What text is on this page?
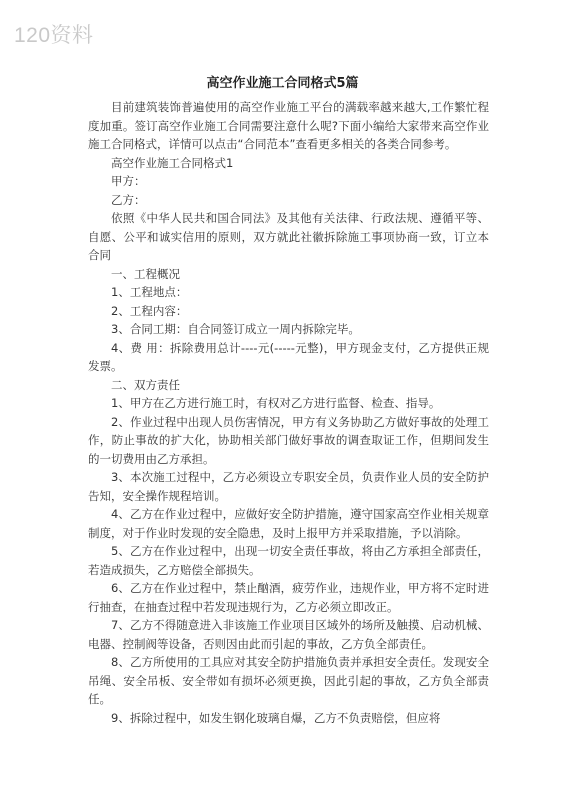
120资料
高空作业施工合同格式5篇

目前建筑装饰普遍使用的高空作业施工平台的满载率越来越大,工作繁忙程度加重。签订高空作业施工合同需要注意什么呢?下面小编给大家带来高空作业施工合同格式，详情可以点击“合同范本”查看更多相关的各类合同参考。

高空作业施工合同格式1

甲方：

乙方：

依照《中华人民共和国合同法》及其他有关法律、行政法规、遵循平等、自愿、公平和诚实信用的原则，双方就此社徽拆除施工事项协商一致，订立本合同

一、工程概况

1、工程地点：

2、工程内容：

3、合同工期：自合同签订成立一周内拆除完毕。

4、费 用：拆除费用总计----元(-----元整)，甲方现金支付，乙方提供正规发票。

二、双方责任

1、甲方在乙方进行施工时，有权对乙方进行监督、检查、指导。

2、作业过程中出现人员伤害情况，甲方有义务协助乙方做好事故的处理工作，防止事故的扩大化，协助相关部门做好事故的调查取证工作，但期间发生的一切费用由乙方承担。

3、本次施工过程中，乙方必须设立专职安全员，负责作业人员的安全防护告知，安全操作规程培训。

4、乙方在作业过程中，应做好安全防护措施，遵守国家高空作业相关规章制度，对于作业时发现的安全隐患，及时上报甲方并采取措施，予以消除。

5、乙方在作业过程中，出现一切安全责任事故，将由乙方承担全部责任，若造成损失，乙方赔偿全部损失。

6、乙方在作业过程中，禁止酗酒，疲劳作业，违规作业，甲方将不定时进行抽查，在抽查过程中若发现违规行为，乙方必须立即改正。

7、乙方不得随意进入非该施工作业项目区域外的场所及触摸、启动机械、电器、控制阀等设备，否则因由此而引起的事故，乙方负全部责任。

8、乙方所使用的工具应对其安全防护措施负责并承担安全责任。发现安全吊绳、安全吊板、安全带如有损坏必须更换，因此引起的事故，乙方负全部责任。

9、拆除过程中，如发生钢化玻璃自爆，乙方不负责赔偿，但应将
